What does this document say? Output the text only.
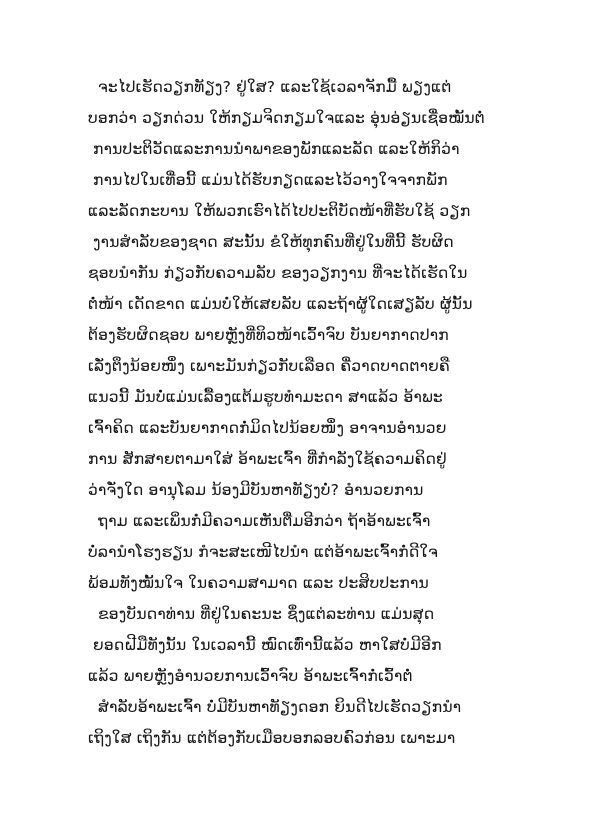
ຈະໄປເຮັດວຽກທັຽງ? ຢູ່ໃສ? ແລະໃຊ້ເວລາຈັກມື້ ພຽງແຕ່
ບອກວ່າ ວຽກດ່ວນ ໃຫ້ກຽມຈິດກຽມໃຈແລະ ອຸ່ນອ່ຽນເຊື່ອໝັ້ນຕໍ່
ການປະຕິວັດແລະການນໍາພາຂອງພັກແລະລັດ ແລະໃຫ້ກິວ່າ
ການໄປໃນເທື່ອນີ້ ແມ່ນໄດ້ຮັບກຽດແລະໄວ້ວາງໃຈຈາກພັກ
ແລະລັດກະບານ ໃຫ້ພວກເຮົາໄດ້ໄປປະຕິບັດໜ້າທີ່ຮັບໃຊ້ ວຽກ
ງານສໍາລັບຂອງຊາດ ສະນັ້ນ ຂໍໃຫ້ທຸກຄົນທີ່ຢູ່ໃນທີ່ນີ້ ຮັບຜິດ
ຊອບນໍາກັນ ກ່ຽວກັບຄວາມລັບ ຂອງວຽກງານ ທີ່ຈະໄດ້ເຮັດໃນ
ຕໍ່ໜ້າ ເດັດຂາດ ແມ່ນບໍ່ໃຫ້ເສຍລັບ ແລະຖ້າຜູ້ໃດເສຽລັບ ຜູ້ນັ້ນ
ຕ້ອງຮັບຜິດຊອບ ພາຍຫຼັງທີ່ທິວໜ້າເວົ້າຈົບ ບັນຍາກາດປາກ
ເລັ່ງຕຶງນ້ອຍໜຶ່ງ ເພາະມັນກ່ຽວກັບເລືອດ ຄື່ວາດບາດຕາຍຄື
ແນວນີ້ ມັນບໍ່ແມ່ນເລື້ອງແຕ້ມຮູບທໍາມະດາ ສາແລ້ວ ອ້າພະ
ເຈົ້າຄິດ ແລະບັນຍາກາດກໍ່ມິດໄປນ້ອຍໜຶ່ງ ອາຈານອໍານວຍ
ການ ສັກສາຍຕາມາໃສ່ ອ້າພະເຈົ້າ ທີ່ກໍາລັງໃຊ້ຄວາມຄິດຢູ່
ວ່າຈັ່ງໃດ ອານຸໂລມ ນ້ອງມີບັນຫາທັຽງບໍ່? ອໍານວຍການ
ຖາມ ແລະເພິ່ນກໍ່ມີຄວາມເຫັນຕື່ມອີກວ່າ ຖ້າອ້າພະເຈົ້າ
ບໍ່ລານໍາໂຮງຮຽນ ກໍຈະສະເໜີໄປນໍາ ແຕ່ອ້າພະເຈົ້າກໍ່ດີໃຈ
ພ້ອມທັງໝັ້ນໃຈ ໃນຄວາມສາມາດ ແລະ ປະສິບປະການ
ຂອງບັນດາທ່ານ ທີ່ຢູ່ໃນຄະນະ ຊຶ່ງແຕ່ລະທ່ານ ແມ່ນສຸດ
ຍອດຝີມືທັງນັ້ນ ໃນເວລານີ້ ໝົດເທົ່ານີ້ແລ້ວ ຫາໃສບໍ່ມີອີກ
ແລ້ວ ພາຍຫຼັງອໍານວຍການເວົ້າຈົບ ອ້າພະເຈົ້າກໍ່ເວົ້າຕໍ່
ສໍາລັບອ້າພະເຈົ້າ ບໍ່ມີບັນຫາທັຽງດອກ ຍິນດີໄປເຮັດວຽກນໍາ
ເຖິງໃສ ເຖິງກັນ ແຕ່ຕ້ອງກັບເມືອບອກລອບຄົວກ່ອນ ເພາະມາ
